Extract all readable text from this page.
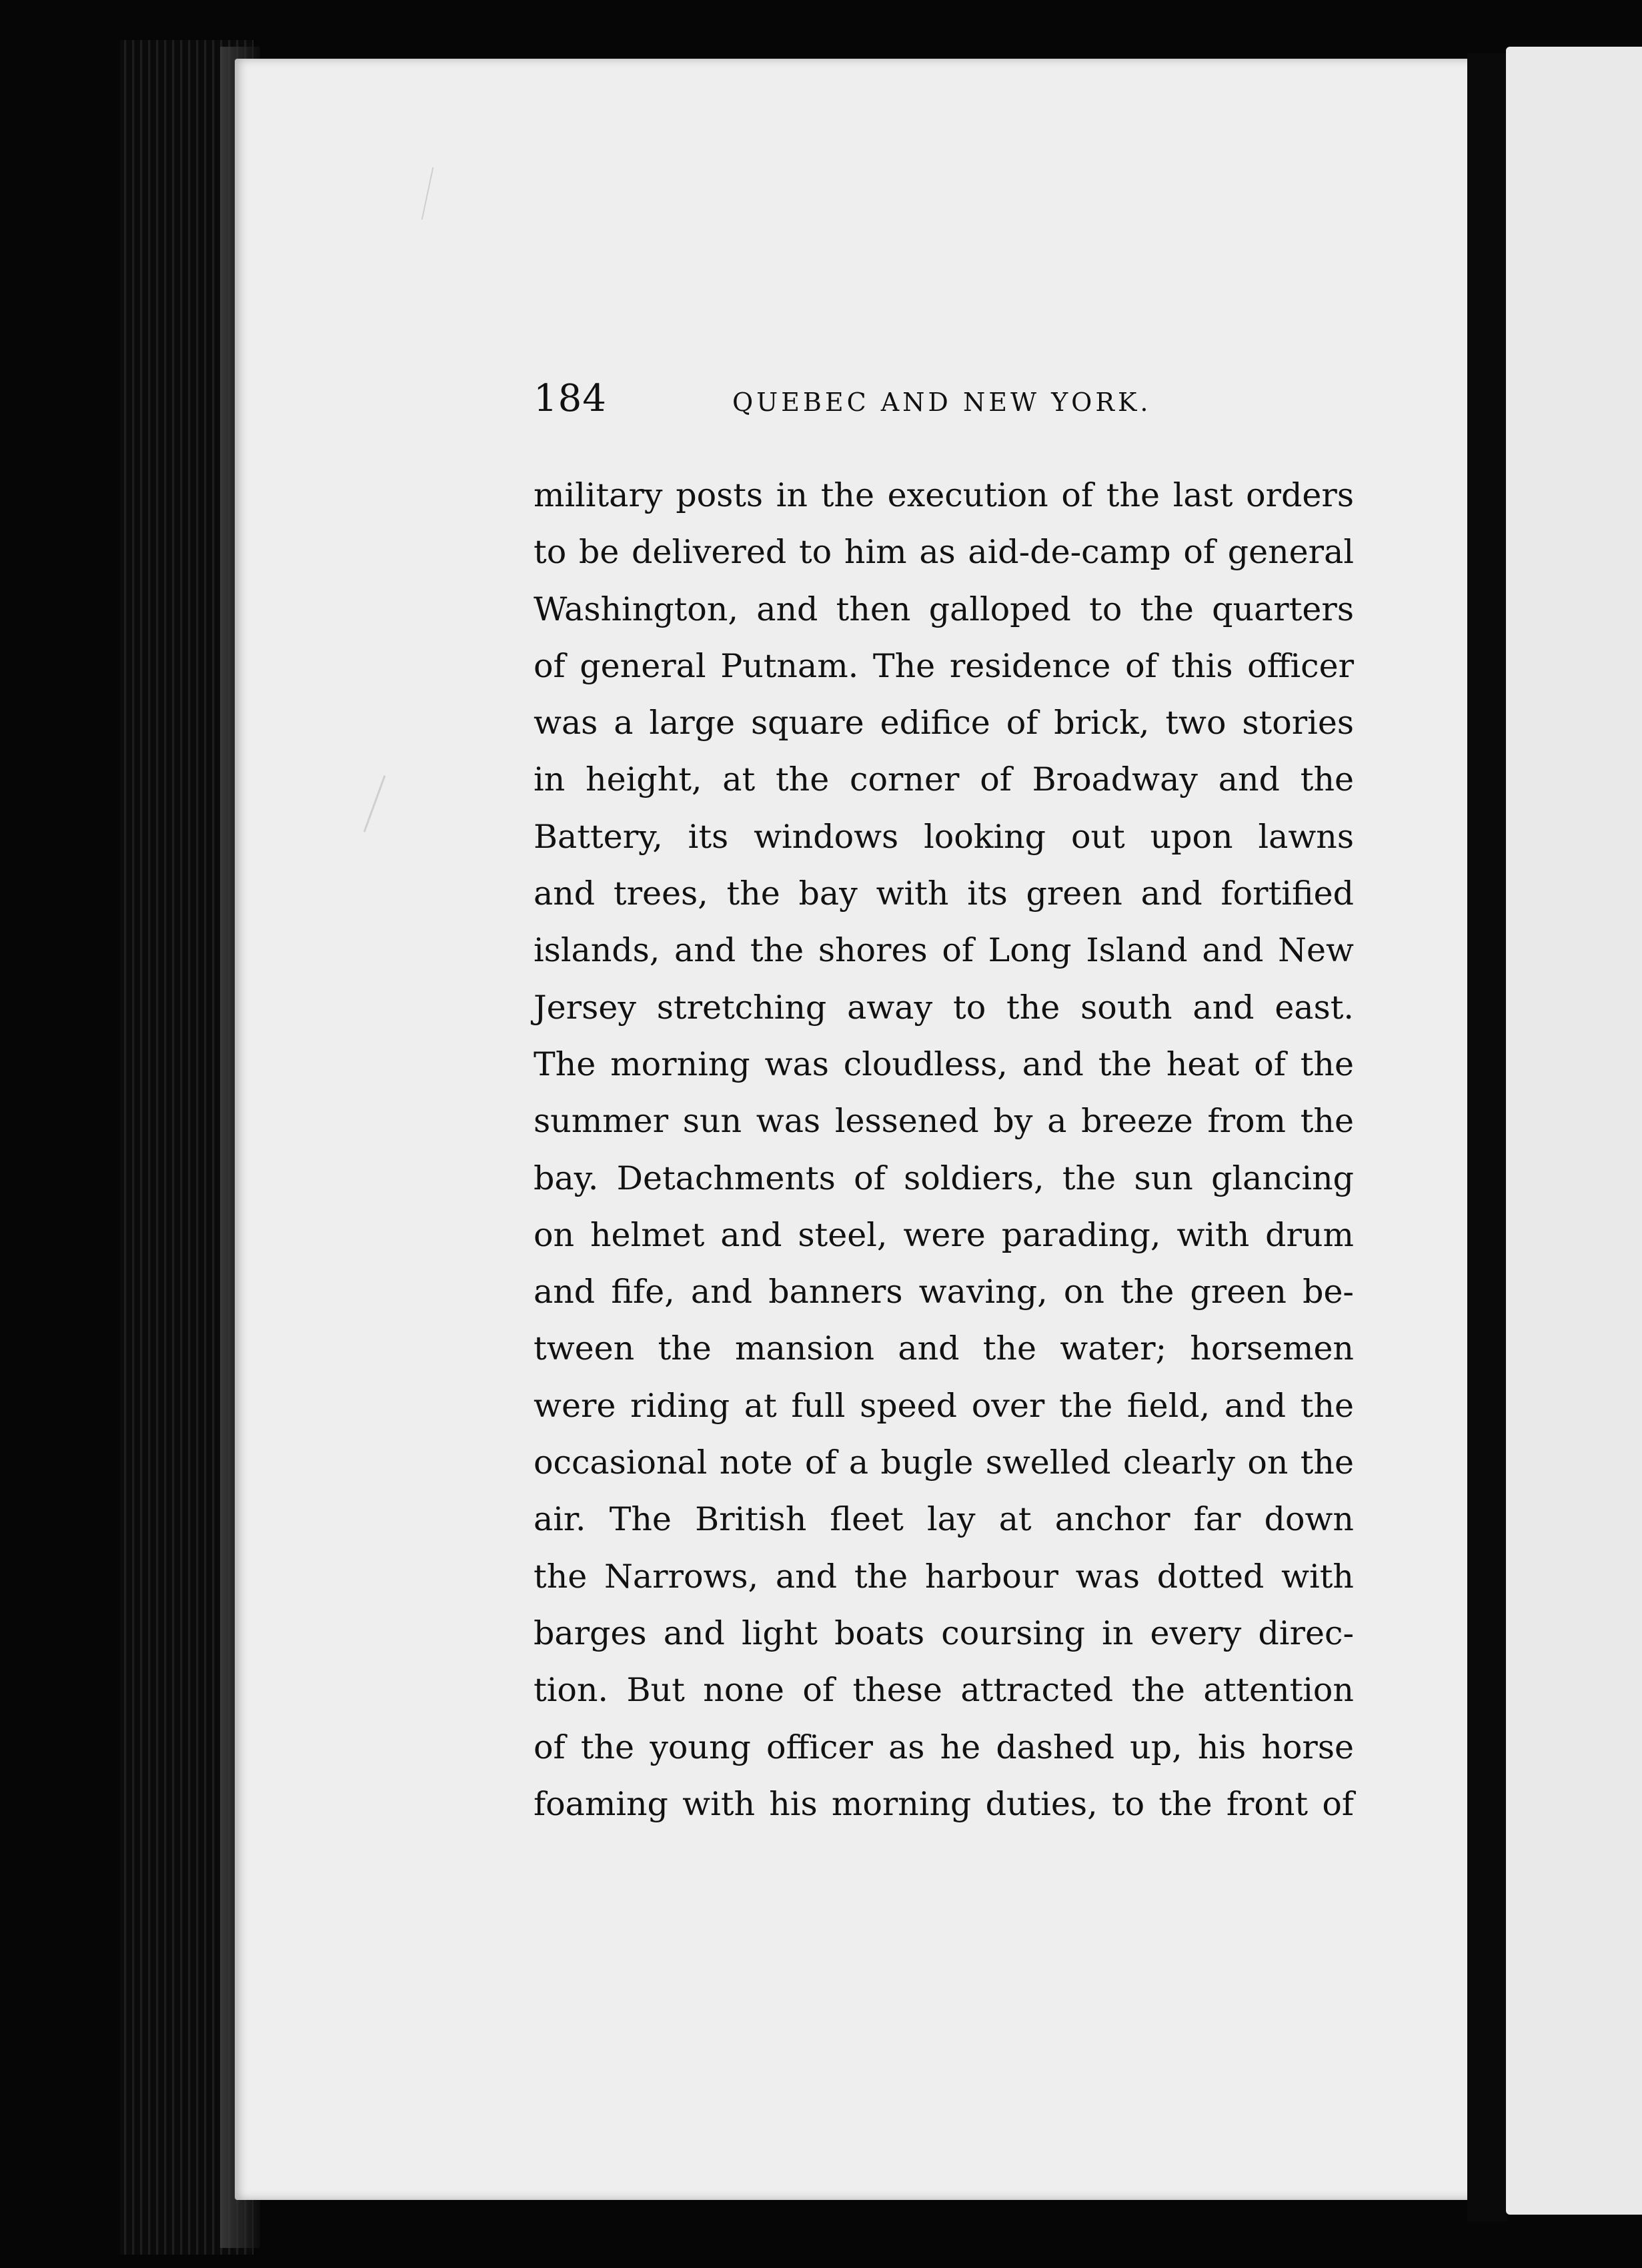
184	QUEBEC AND NEW YORK.
military posts in the execution of the last orders
to be delivered to him as aid-de-camp of general
Washington, and then galloped to the quarters
of general Putnam. The residence of this officer
was a large square edifice of brick, two stories
in height, at the corner of Broadway and the
Battery, its windows looking out upon lawns
and trees, the bay with its green and fortified
islands, and the shores of Long Island and New
Jersey stretching away to the south and east.
The morning was cloudless, and the heat of the
summer sun was lessened by a breeze from the
bay. Detachments of soldiers, the sun glancing
on helmet and steel, were parading, with drum
and fife, and banners waving, on the green be-
tween the mansion and the water; horsemen
were riding at full speed over the field, and the
occasional note of a bugle swelled clearly on the
air. The British fleet lay at anchor far down
the Narrows, and the harbour was dotted with
barges and light boats coursing in every direc-
tion. But none of these attracted the attention
of the young officer as he dashed up, his horse
foaming with his morning duties, to the front of
